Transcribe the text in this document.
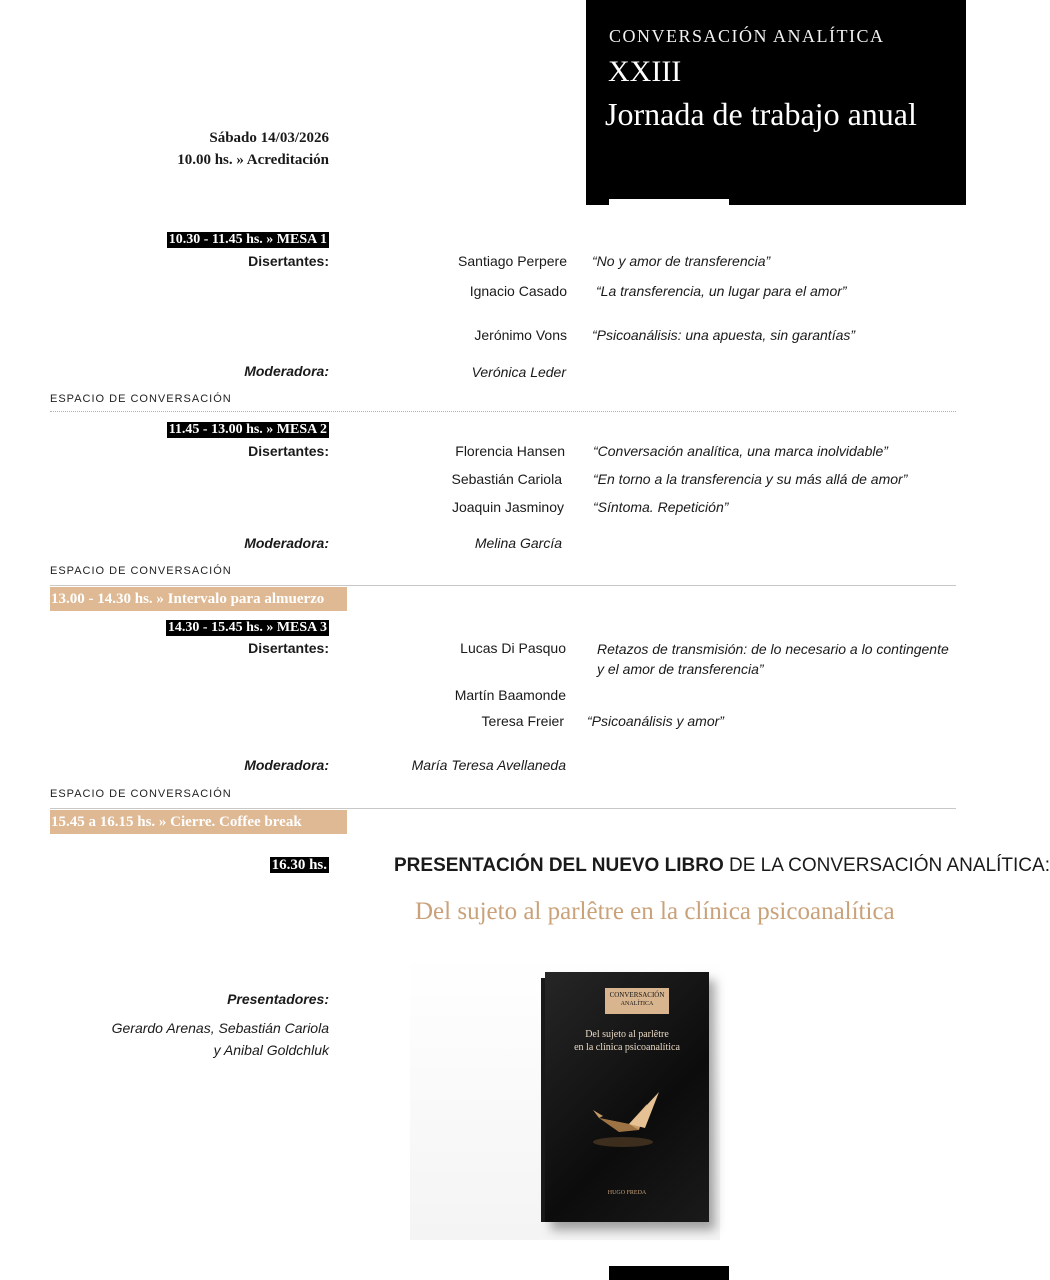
CONVERSACIÓN ANALÍTICA
XXIII
Jornada de trabajo anual
Sábado 14/03/2026
10.00 hs. » Acreditación
10.30 - 11.45 hs. » MESA 1
Disertantes:	Santiago Perpere “No y amor de transferencia”
Ignacio Casado “La transferencia, un lugar para el amor”
Jerónimo Vons “Psicoanálisis: una apuesta, sin garantías”
Moderadora:	Verónica Leder
ESPACIO DE CONVERSACIÓN
11.45 - 13.00 hs. » MESA 2
Disertantes:	Florencia Hansen “Conversación analítica, una marca inolvidable”
Sebastián Cariola “En torno a la transferencia y su más allá de amor”
Joaquin Jasminoy “Síntoma. Repetición”
Moderadora:	Melina García
ESPACIO DE CONVERSACIÓN
13.00 - 14.30 hs. » Intervalo para almuerzo
14.30 - 15.45 hs. » MESA 3
Disertantes:	Lucas Di Pasquo Retazos de transmisión: de lo necesario a lo contingente
y el amor de transferencia”
Martín Baamonde
Teresa Freier “Psicoanálisis y amor”
Moderadora:	María Teresa Avellaneda
ESPACIO DE CONVERSACIÓN
15.45 a 16.15 hs. » Cierre. Coffee break
16.30 hs.	PRESENTACIÓN DEL NUEVO LIBRO DE LA CONVERSACIÓN ANALÍTICA:
Del sujeto al parlêtre en la clínica psicoanalítica
Presentadores:
Gerardo Arenas, Sebastián Cariola
y Anibal Goldchluk
CONVERSACIÓN
ANALÍTICA
Del sujeto al parlêtre
en la clínica psicoanalítica
HUGO FREDA
